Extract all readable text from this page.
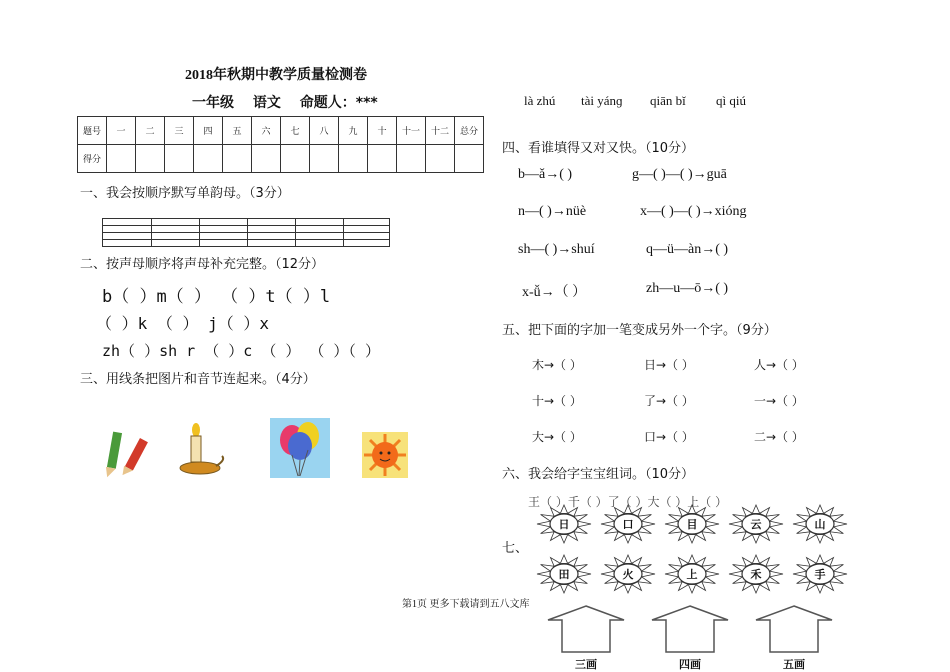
2018年秋期中教学质量检测卷
一年级 语文 命题人：***
题号	一	二	三	四	五	六	七	八	九	十	十一	十二	总分
得分													
一、我会按顺序默写单韵母。（3分）
二、按声母顺序将声母补充完整。（12分）
b（ ）m（ ） （ ）t（ ）l
（ ）k （ ） j（ ）x
zh（ ）sh r （ ）c （ ） （ ）（ ）
三、用线条把图片和音节连起来。（4分）
là zhú tài yánɡ qiān bǐ qì qiú
四、看谁填得又对又快。（10分）
b—ǎ→( )	g—( )—( )→guā
n—( )→nüè	x—( )—( )→xióng
sh—( )→shuí	q—ü—àn→( )
x-ǚ→（ ）	zh—u—ō→( )
五、把下面的字加一笔变成另外一个字。（9分）
木→（ ）	日→（ ）	人→（ ）
十→（ ）	了→（ ）	一→（ ）
大→（ ）	口→（ ）	二→（ ）
六、我会给字宝宝组词。（10分）
王（ ）千（ ）了（ ）大（ ）上（ ）
七、
日	口	目	云	山
田	火	上	禾	手
三画	四画	五画
第1页 更多下载请到五八文库
